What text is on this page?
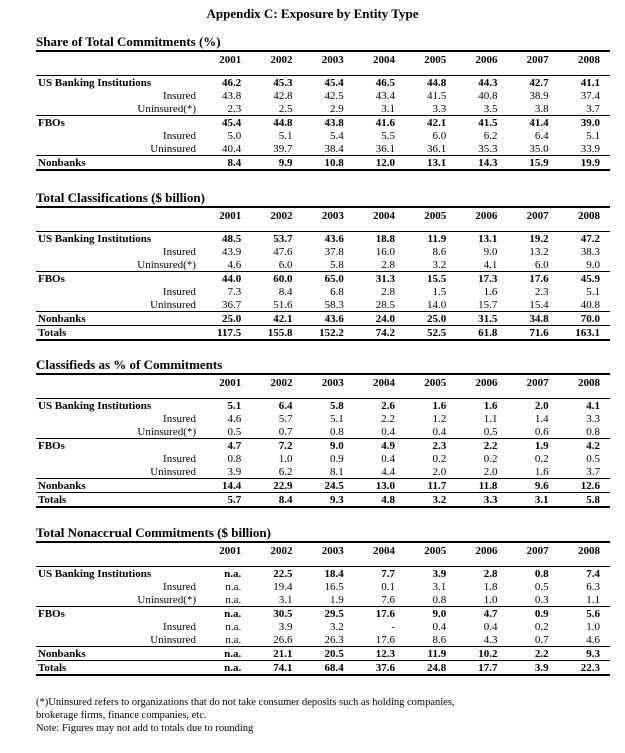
Appendix C: Exposure by Entity Type
Share of Total Commitments (%)
	2001	2002	2003	2004	2005	2006	2007	2008

US Banking Institutions	46.2	45.3	45.4	46.5	44.8	44.3	42.7	41.1
Insured	43.8	42.8	42.5	43.4	41.5	40.8	38.9	37.4
Uninsured(*)	2.3	2.5	2.9	3.1	3.3	3.5	3.8	3.7
FBOs	45.4	44.8	43.8	41.6	42.1	41.5	41.4	39.0
Insured	5.0	5.1	5.4	5.5	6.0	6.2	6.4	5.1
Uninsured	40.4	39.7	38.4	36.1	36.1	35.3	35.0	33.9
Nonbanks	8.4	9.9	10.8	12.0	13.1	14.3	15.9	19.9
Total Classifications ($ billion)
	2001	2002	2003	2004	2005	2006	2007	2008

US Banking Institutions	48.5	53.7	43.6	18.8	11.9	13.1	19.2	47.2
Insured	43.9	47.6	37.8	16.0	8.6	9.0	13.2	38.3
Uninsured(*)	4.6	6.0	5.8	2.8	3.2	4.1	6.0	9.0
FBOs	44.0	60.0	65.0	31.3	15.5	17.3	17.6	45.9
Insured	7.3	8.4	6.8	2.8	1.5	1.6	2.3	5.1
Uninsured	36.7	51.6	58.3	28.5	14.0	15.7	15.4	40.8
Nonbanks	25.0	42.1	43.6	24.0	25.0	31.5	34.8	70.0
Totals	117.5	155.8	152.2	74.2	52.5	61.8	71.6	163.1
Classifieds as % of Commitments
	2001	2002	2003	2004	2005	2006	2007	2008

US Banking Institutions	5.1	6.4	5.8	2.6	1.6	1.6	2.0	4.1
Insured	4.6	5.7	5.1	2.2	1.2	1.1	1.4	3.3
Uninsured(*)	0.5	0.7	0.8	0.4	0.4	0.5	0.6	0.8
FBOs	4.7	7.2	9.0	4.9	2.3	2.2	1.9	4.2
Insured	0.8	1.0	0.9	0.4	0.2	0.2	0.2	0.5
Uninsured	3.9	6.2	8.1	4.4	2.0	2.0	1.6	3.7
Nonbanks	14.4	22.9	24.5	13.0	11.7	11.8	9.6	12.6
Totals	5.7	8.4	9.3	4.8	3.2	3.3	3.1	5.8
Total Nonaccrual Commitments ($ billion)
	2001	2002	2003	2004	2005	2006	2007	2008

US Banking Institutions	n.a.	22.5	18.4	7.7	3.9	2.8	0.8	7.4
Insured	n.a.	19.4	16.5	0.1	3.1	1.8	0.5	6.3
Uninsured(*)	n.a.	3.1	1.9	7.6	0.8	1.0	0.3	1.1
FBOs	n.a.	30.5	29.5	17.6	9.0	4.7	0.9	5.6
Insured	n.a.	3.9	3.2	-	0.4	0.4	0.2	1.0
Uninsured	n.a.	26.6	26.3	17.6	8.6	4.3	0.7	4.6
Nonbanks	n.a.	21.1	20.5	12.3	11.9	10.2	2.2	9.3
Totals	n.a.	74.1	68.4	37.6	24.8	17.7	3.9	22.3
(*)Uninsured refers to organizations that do not take consumer deposits such as holding companies,
brokerage firms, finance companies, etc.
Note: Figures may not add to totals due to rounding
